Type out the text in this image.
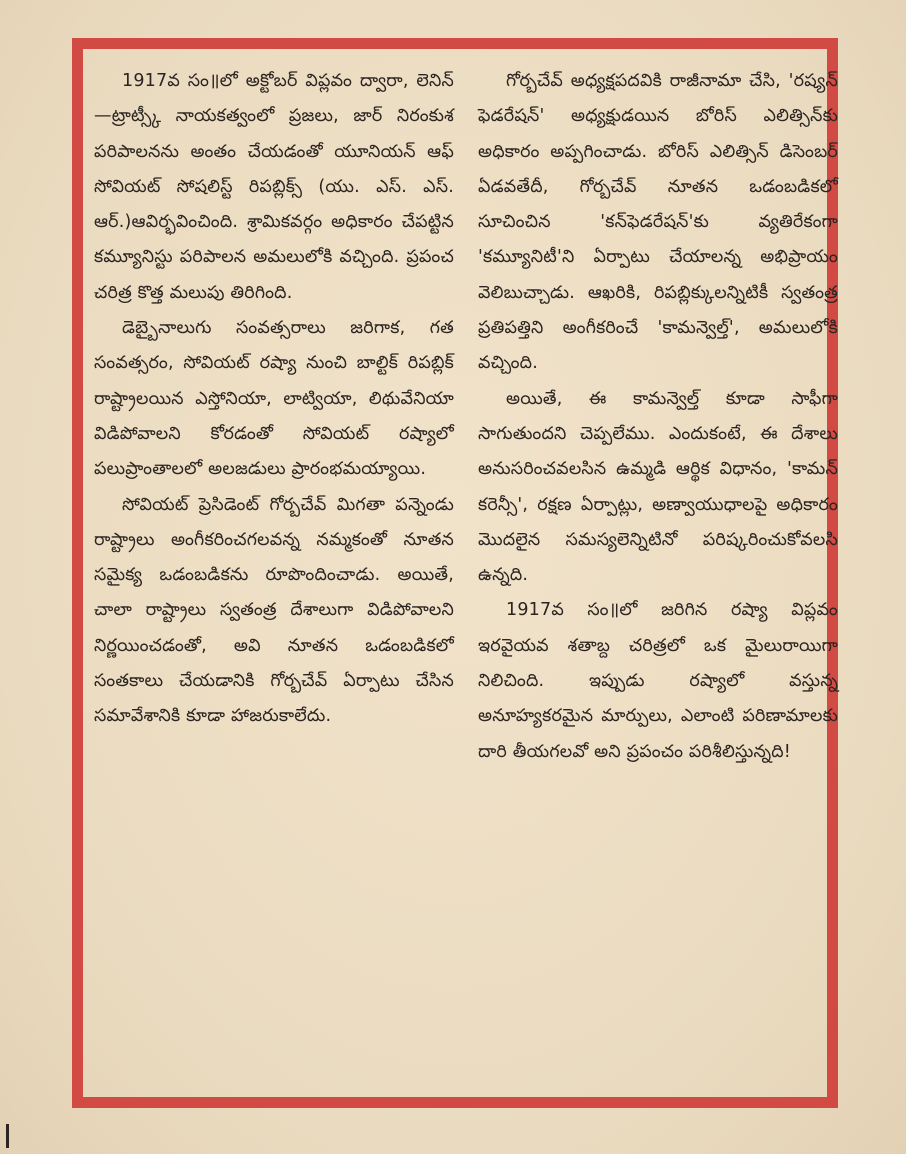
1917వ సం॥లో అక్టోబర్ విప్లవం ద్వారా, లెనిన్—ట్రాట్స్కీ నాయకత్వంలో ప్రజలు, జార్ నిరంకుశ పరిపాలనను అంతం చేయడంతో యూనియన్ ఆఫ్ సోవియట్ సోషలిస్ట్ రిపబ్లిక్స్ (యు. ఎస్. ఎస్. ఆర్.)ఆవిర్భవించింది. శ్రామికవర్గం అధికారం చేపట్టిన కమ్యూనిస్టు పరిపాలన అమలులోకి వచ్చింది. ప్రపంచ చరిత్ర కొత్త మలుపు తిరిగింది.

డెబ్బైనాలుగు సంవత్సరాలు జరిగాక, గత సంవత్సరం, సోవియట్ రష్యా నుంచి బాల్టిక్ రిపబ్లిక్ రాష్ట్రాలయిన ఎస్తోనియా, లాట్వియా, లిథువేనియా విడిపోవాలని కోరడంతో సోవియట్ రష్యాలో పలుప్రాంతాలలో అలజడులు ప్రారంభమయ్యాయి.

సోవియట్ ప్రెసిడెంట్ గోర్బచేవ్ మిగతా పన్నెండు రాష్ట్రాలు అంగీకరించగలవన్న నమ్మకంతో నూతన సమైక్య ఒడంబడికను రూపొందించాడు. అయితే, చాలా రాష్ట్రాలు స్వతంత్ర దేశాలుగా విడిపోవాలని నిర్ణయించడంతో, అవి నూతన ఒడంబడికలో సంతకాలు చేయడానికి గోర్బచేవ్ ఏర్పాటు చేసిన సమావేశానికి కూడా హాజరుకాలేదు.

గోర్బచేవ్ అధ్యక్షపదవికి రాజీనామా చేసి, 'రష్యన్ ఫెడరేషన్' అధ్యక్షుడయిన బోరిస్ ఎలిత్సిన్‌కు అధికారం అప్పగించాడు. బోరిస్ ఎలిత్సిన్ డిసెంబర్ ఏడవతేదీ, గోర్బచేవ్ నూతన ఒడంబడికలో సూచించిన 'కన్‌ఫెడరేషన్'కు వ్యతిరేకంగా 'కమ్యూనిటీ'ని ఏర్పాటు చేయాలన్న అభిప్రాయం వెలిబుచ్చాడు. ఆఖరికి, రిపబ్లిక్కులన్నిటికీ స్వతంత్ర ప్రతిపత్తిని అంగీకరించే 'కామన్వెల్త్', అమలులోకి వచ్చింది.

అయితే, ఈ కామన్వెల్త్ కూడా సాఫీగా సాగుతుందని చెప్పలేము. ఎందుకంటే, ఈ దేశాలు అనుసరించవలసిన ఉమ్మడి ఆర్థిక విధానం, 'కామన్ కరెన్సీ', రక్షణ ఏర్పాట్లు, అణ్వాయుధాలపై అధికారం మొదలైన సమస్యలెన్నిటినో పరిష్కరించుకోవలసి ఉన్నది.

1917వ సం॥లో జరిగిన రష్యా విప్లవం ఇరవైయవ శతాబ్ద చరిత్రలో ఒక మైలురాయిగా నిలిచింది. ఇప్పుడు రష్యాలో వస్తున్న అనూహ్యకరమైన మార్పులు, ఎలాంటి పరిణామాలకు దారి తీయగలవో అని ప్రపంచం పరిశీలిస్తున్నది!
